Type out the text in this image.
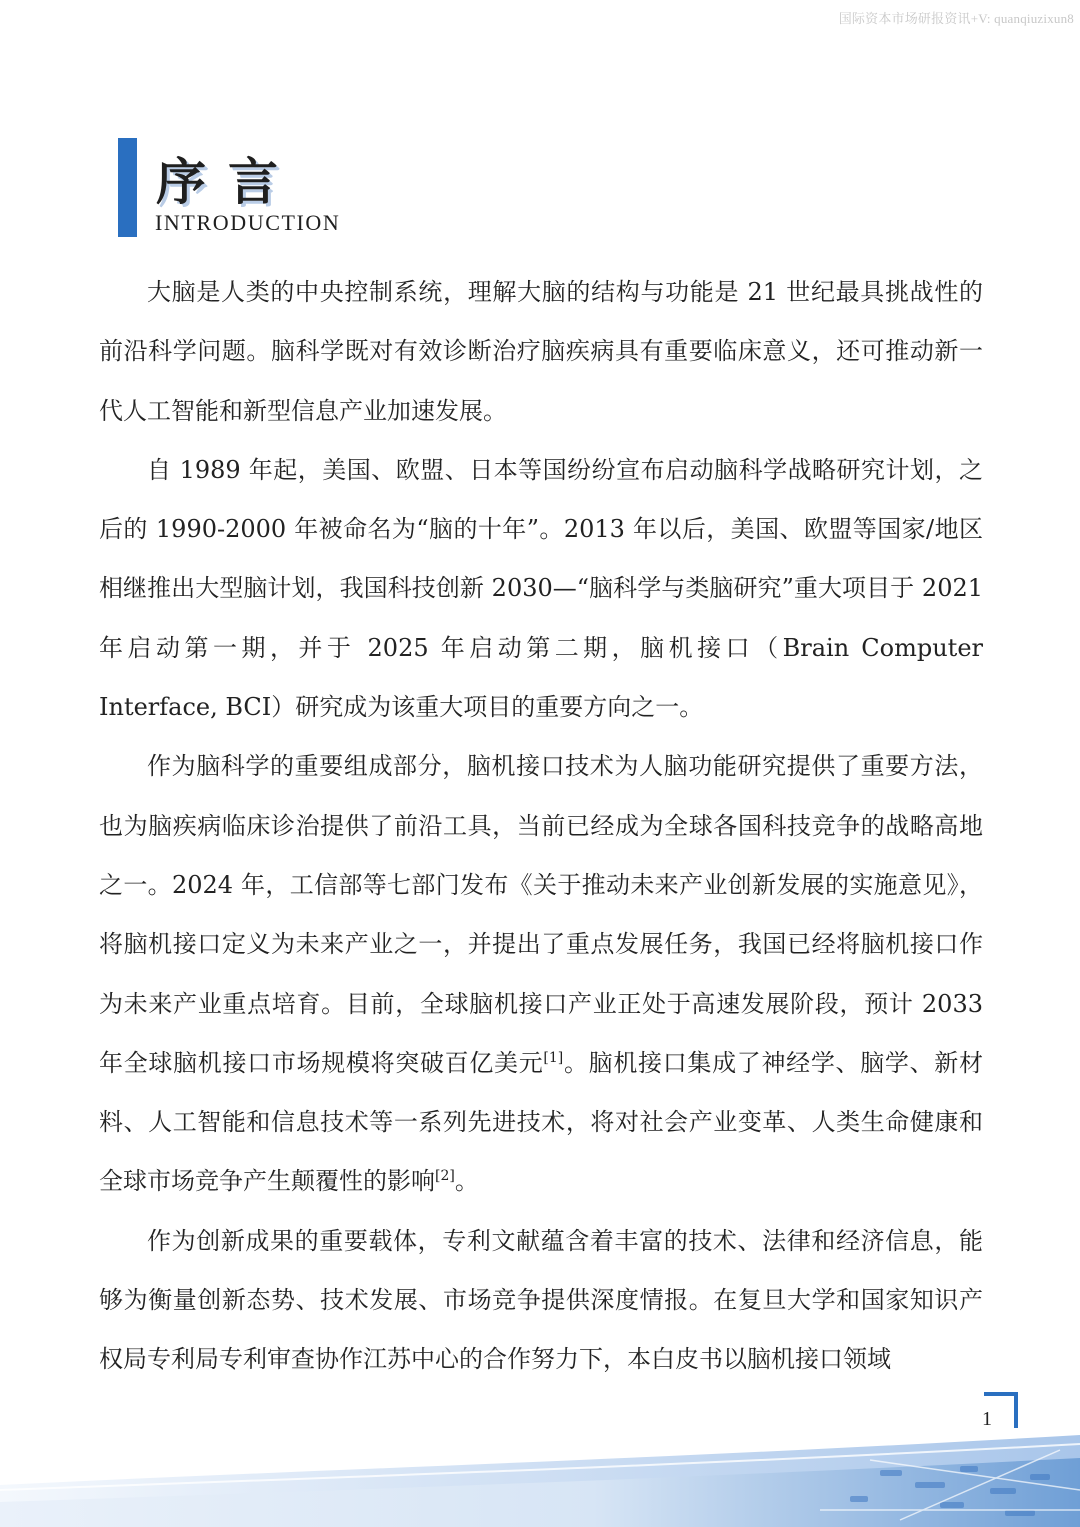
国际资本市场研报资讯+V: quanqiuzixun8
序言
INTRODUCTION

大脑是人类的中央控制系统，理解大脑的结构与功能是 21 世纪最具挑战性的前沿科学问题。脑科学既对有效诊断治疗脑疾病具有重要临床意义，还可推动新一代人工智能和新型信息产业加速发展。

自 1989 年起，美国、欧盟、日本等国纷纷宣布启动脑科学战略研究计划，之后的 1990-2000 年被命名为“脑的十年”。2013 年以后，美国、欧盟等国家/地区相继推出大型脑计划，我国科技创新 2030—“脑科学与类脑研究”重大项目于 2021 年启动第一期，并于 2025 年启动第二期，脑机接口（Brain Computer Interface, BCI）研究成为该重大项目的重要方向之一。

作为脑科学的重要组成部分，脑机接口技术为人脑功能研究提供了重要方法，也为脑疾病临床诊治提供了前沿工具，当前已经成为全球各国科技竞争的战略高地之一。2024 年，工信部等七部门发布《关于推动未来产业创新发展的实施意见》，将脑机接口定义为未来产业之一，并提出了重点发展任务，我国已经将脑机接口作为未来产业重点培育。目前，全球脑机接口产业正处于高速发展阶段，预计 2033 年全球脑机接口市场规模将突破百亿美元[1]。脑机接口集成了神经学、脑学、新材料、人工智能和信息技术等一系列先进技术，将对社会产业变革、人类生命健康和全球市场竞争产生颠覆性的影响[2]。

作为创新成果的重要载体，专利文献蕴含着丰富的技术、法律和经济信息，能够为衡量创新态势、技术发展、市场竞争提供深度情报。在复旦大学和国家知识产权局专利局专利审查协作江苏中心的合作努力下，本白皮书以脑机接口领域

1
